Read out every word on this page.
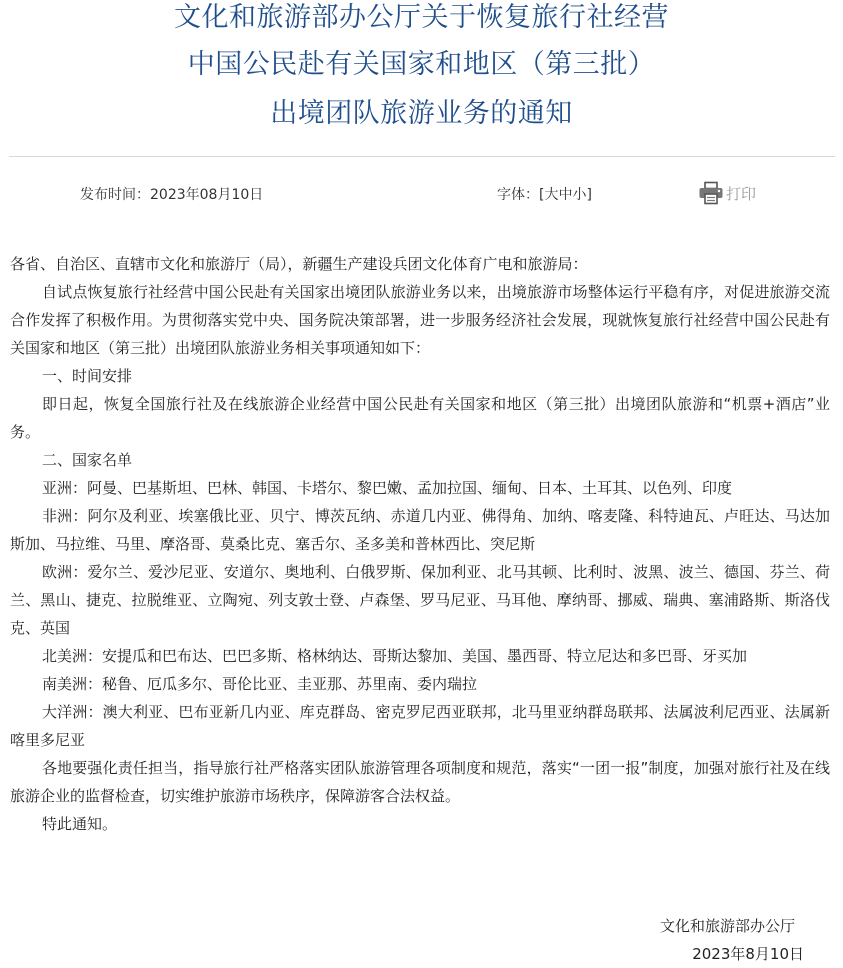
文化和旅游部办公厅关于恢复旅行社经营
中国公民赴有关国家和地区（第三批）
出境团队旅游业务的通知
发布时间：2023年08月10日	字体：[大中小]	打印

各省、自治区、直辖市文化和旅游厅（局），新疆生产建设兵团文化体育广电和旅游局：

自试点恢复旅行社经营中国公民赴有关国家出境团队旅游业务以来，出境旅游市场整体运行平稳有序，对促进旅游交流合作发挥了积极作用。为贯彻落实党中央、国务院决策部署，进一步服务经济社会发展，现就恢复旅行社经营中国公民赴有关国家和地区（第三批）出境团队旅游业务相关事项通知如下：

一、时间安排

即日起，恢复全国旅行社及在线旅游企业经营中国公民赴有关国家和地区（第三批）出境团队旅游和“机票+酒店”业务。

二、国家名单

亚洲：阿曼、巴基斯坦、巴林、韩国、卡塔尔、黎巴嫩、孟加拉国、缅甸、日本、土耳其、以色列、印度

非洲：阿尔及利亚、埃塞俄比亚、贝宁、博茨瓦纳、赤道几内亚、佛得角、加纳、喀麦隆、科特迪瓦、卢旺达、马达加斯加、马拉维、马里、摩洛哥、莫桑比克、塞舌尔、圣多美和普林西比、突尼斯

欧洲：爱尔兰、爱沙尼亚、安道尔、奥地利、白俄罗斯、保加利亚、北马其顿、比利时、波黑、波兰、德国、芬兰、荷兰、黑山、捷克、拉脱维亚、立陶宛、列支敦士登、卢森堡、罗马尼亚、马耳他、摩纳哥、挪威、瑞典、塞浦路斯、斯洛伐克、英国

北美洲：安提瓜和巴布达、巴巴多斯、格林纳达、哥斯达黎加、美国、墨西哥、特立尼达和多巴哥、牙买加

南美洲：秘鲁、厄瓜多尔、哥伦比亚、圭亚那、苏里南、委内瑞拉

大洋洲：澳大利亚、巴布亚新几内亚、库克群岛、密克罗尼西亚联邦，北马里亚纳群岛联邦、法属波利尼西亚、法属新喀里多尼亚

各地要强化责任担当，指导旅行社严格落实团队旅游管理各项制度和规范，落实“一团一报”制度，加强对旅行社及在线旅游企业的监督检查，切实维护旅游市场秩序，保障游客合法权益。

特此通知。

文化和旅游部办公厅
2023年8月10日
